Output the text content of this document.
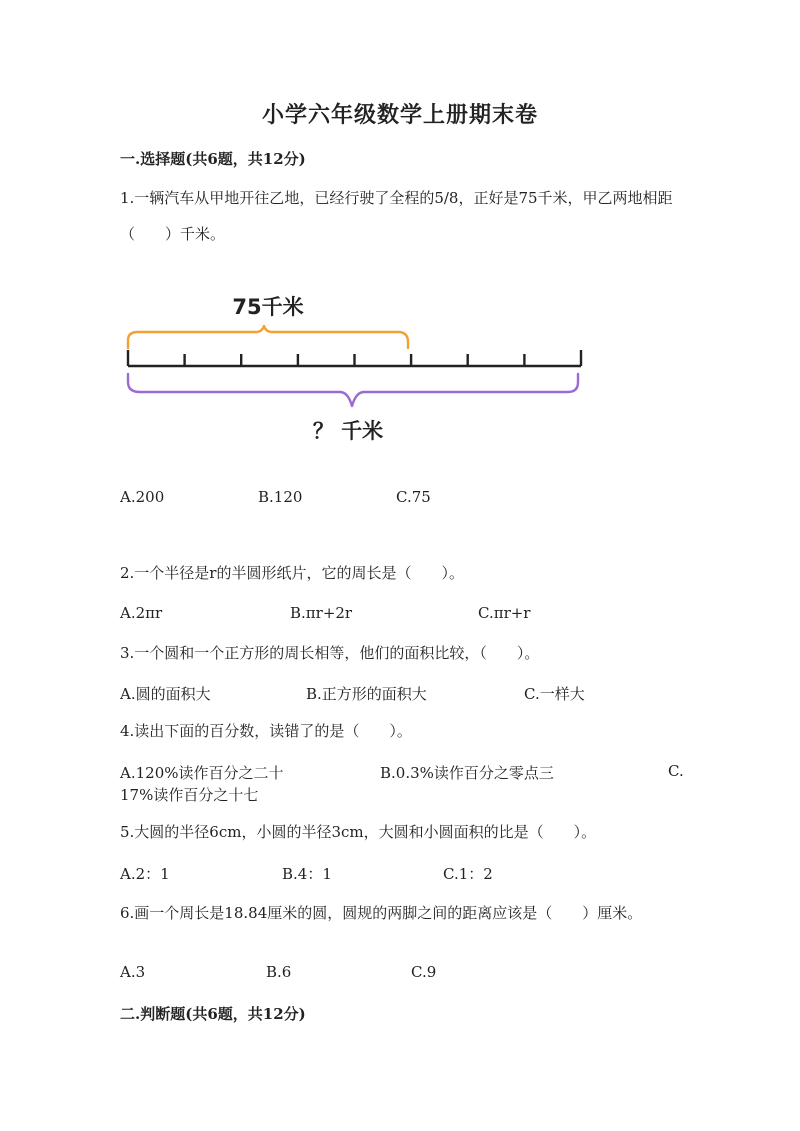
小学六年级数学上册期末卷
一.选择题(共6题，共12分)
1.一辆汽车从甲地开往乙地，已经行驶了全程的5/8，正好是75千米，甲乙两地相距（　　）千米。
75千米
？ 千米
A.200	B.120	C.75
2.一个半径是r的半圆形纸片，它的周长是（　　）。
A.2πr	B.πr+2r	C.πr+r
3.一个圆和一个正方形的周长相等，他们的面积比较，（　　）。
A.圆的面积大	B.正方形的面积大	C.一样大
4.读出下面的百分数，读错了的是（　　）。
A.120%读作百分之二十	B.0.3%读作百分之零点三	C.
17%读作百分之十七
5.大圆的半径6cm，小圆的半径3cm，大圆和小圆面积的比是（　　）。
A.2：1	B.4：1	C.1：2
6.画一个周长是18.84厘米的圆，圆规的两脚之间的距离应该是（　　）厘米。
A.3	B.6	C.9
二.判断题(共6题，共12分)
